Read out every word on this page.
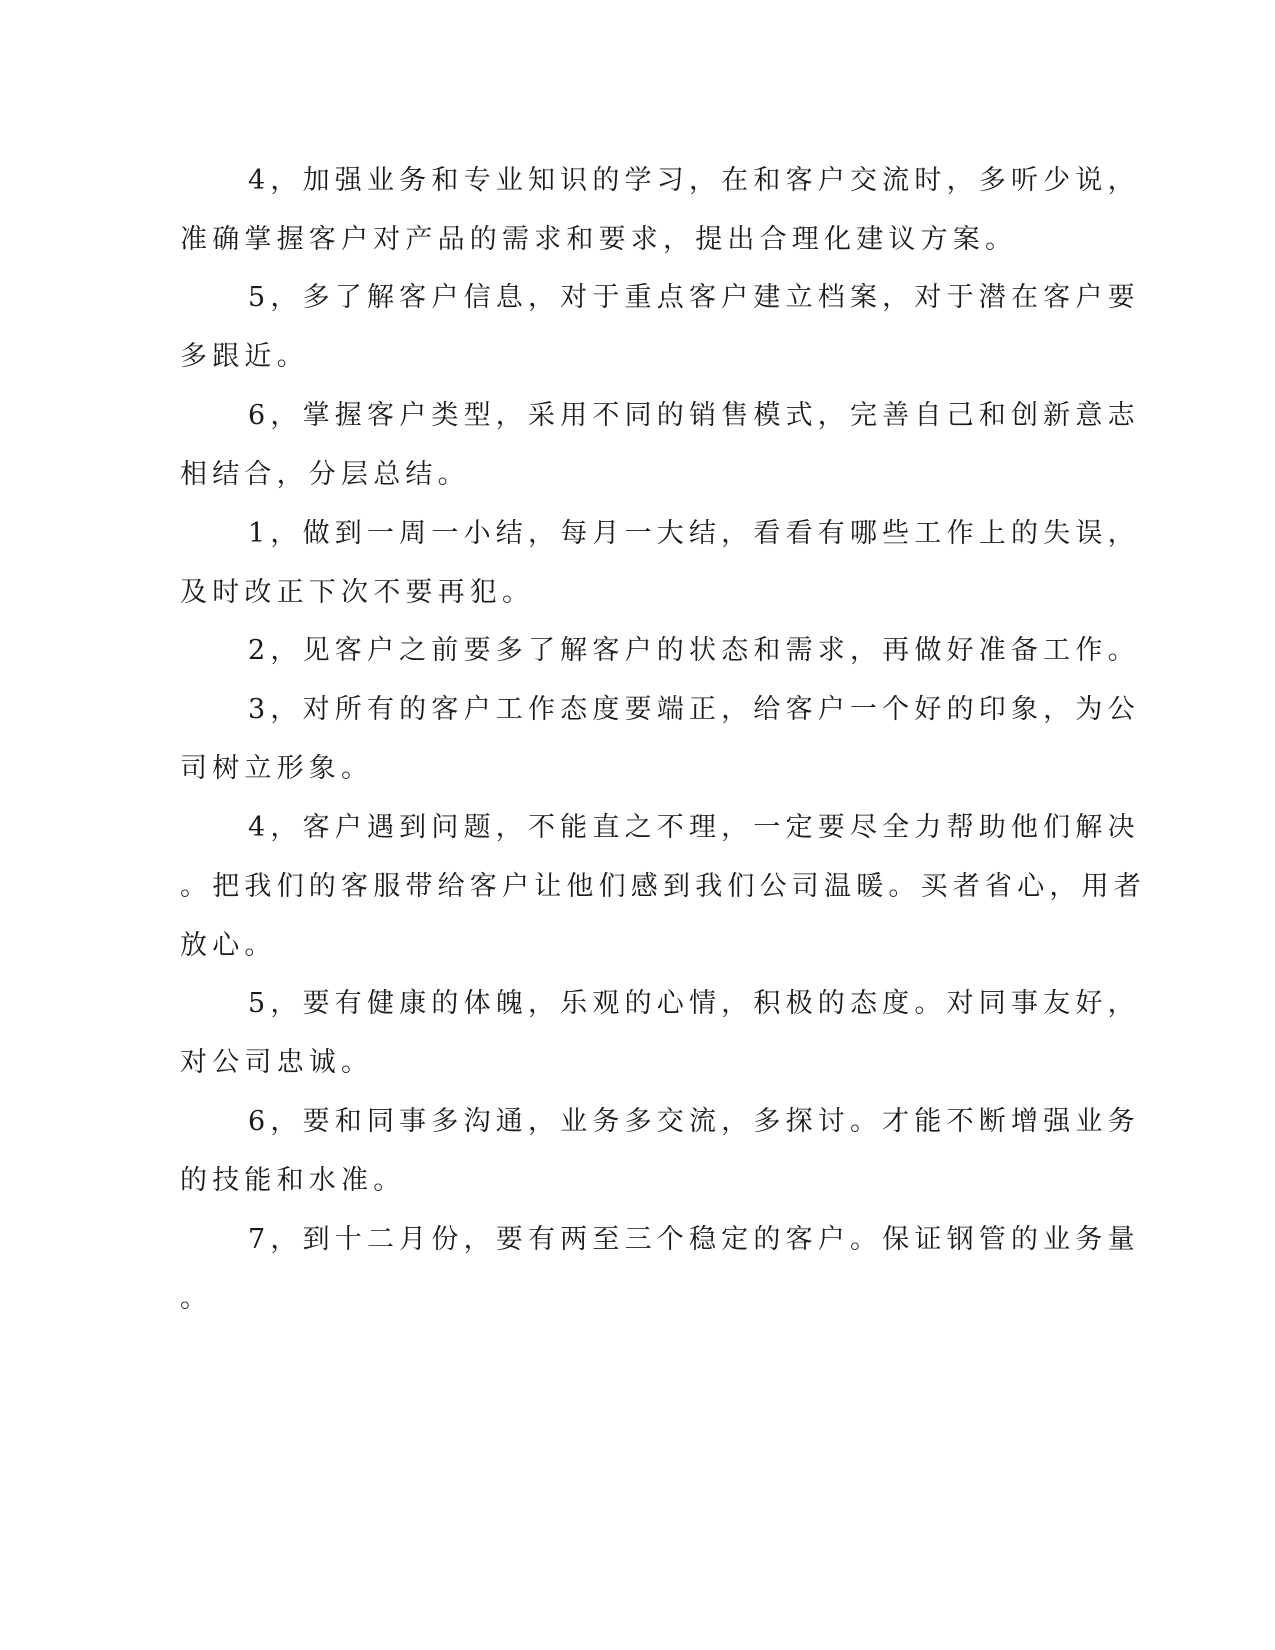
4，加强业务和专业知识的学习，在和客户交流时，多听少说，
准确掌握客户对产品的需求和要求，提出合理化建议方案。
5，多了解客户信息，对于重点客户建立档案，对于潜在客户要
多跟近。
6，掌握客户类型，采用不同的销售模式，完善自己和创新意志
相结合，分层总结。
1，做到一周一小结，每月一大结，看看有哪些工作上的失误，
及时改正下次不要再犯。
2，见客户之前要多了解客户的状态和需求，再做好准备工作。
3，对所有的客户工作态度要端正，给客户一个好的印象，为公
司树立形象。
4，客户遇到问题，不能直之不理，一定要尽全力帮助他们解决
。把我们的客服带给客户让他们感到我们公司温暖。买者省心，用者
放心。
5，要有健康的体魄，乐观的心情，积极的态度。对同事友好，
对公司忠诚。
6，要和同事多沟通，业务多交流，多探讨。才能不断增强业务
的技能和水准。
7，到十二月份，要有两至三个稳定的客户。保证钢管的业务量
。
